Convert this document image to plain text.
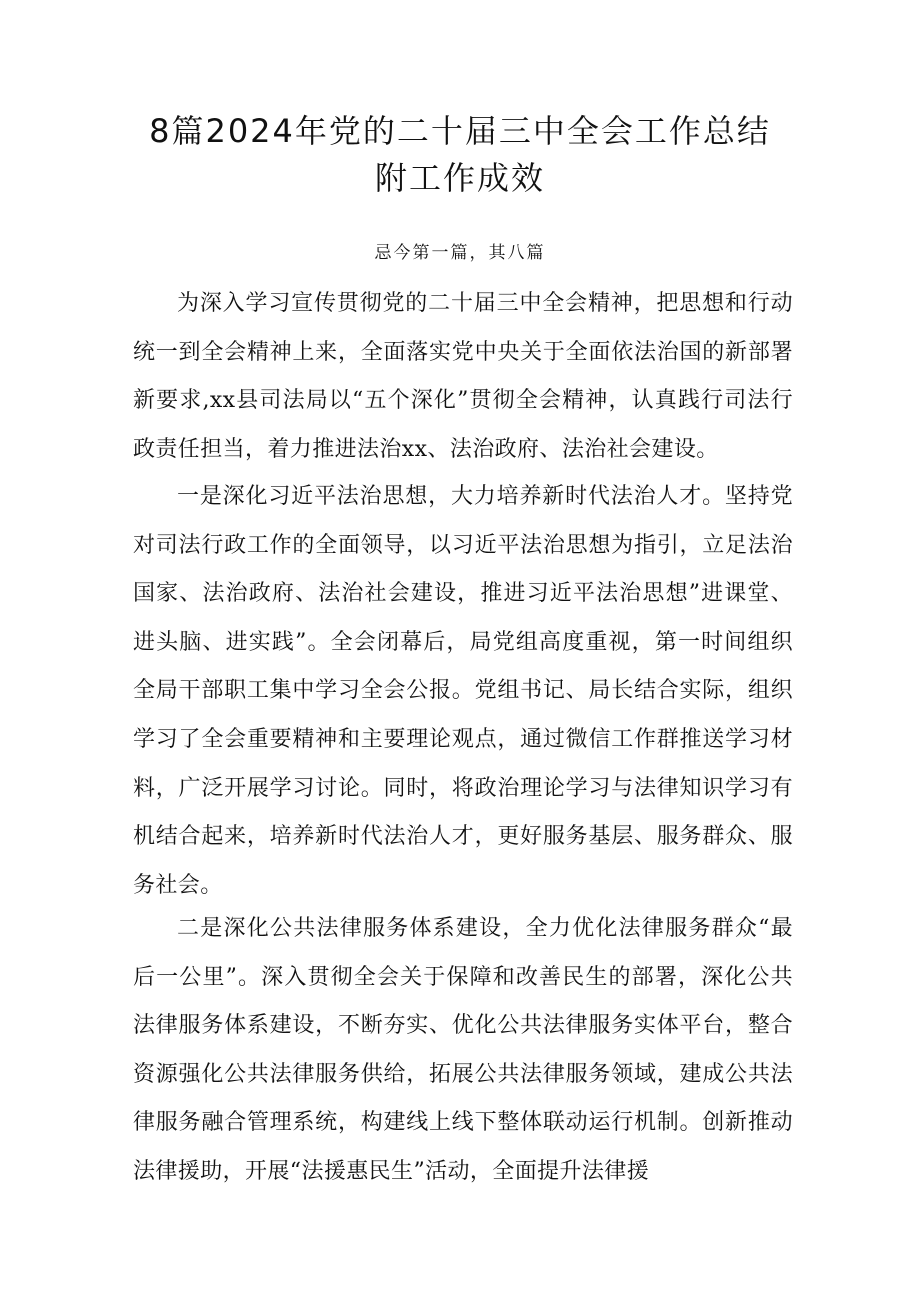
8篇2024年党的二十届三中全会工作总结
附工作成效
忌今第一篇，其八篇

为深入学习宣传贯彻党的二十届三中全会精神，把思想和行动统一到全会精神上来，全面落实党中央关于全面依法治国的新部署新要求,xx县司法局以“五个深化”贯彻全会精神，认真践行司法行政责任担当，着力推进法治xx、法治政府、法治社会建设。

一是深化习近平法治思想，大力培养新时代法治人才。坚持党对司法行政工作的全面领导，以习近平法治思想为指引，立足法治国家、法治政府、法治社会建设，推进习近平法治思想”进课堂、进头脑、进实践”。全会闭幕后，局党组高度重视，第一时间组织全局干部职工集中学习全会公报。党组书记、局长结合实际，组织学习了全会重要精神和主要理论观点，通过微信工作群推送学习材料，广泛开展学习讨论。同时，将政治理论学习与法律知识学习有机结合起来，培养新时代法治人才，更好服务基层、服务群众、服务社会。

二是深化公共法律服务体系建设，全力优化法律服务群众“最后一公里”。深入贯彻全会关于保障和改善民生的部署，深化公共法律服务体系建设，不断夯实、优化公共法律服务实体平台，整合资源强化公共法律服务供给，拓展公共法律服务领域，建成公共法律服务融合管理系统，构建线上线下整体联动运行机制。创新推动法律援助，开展“法援惠民生”活动，全面提升法律援
